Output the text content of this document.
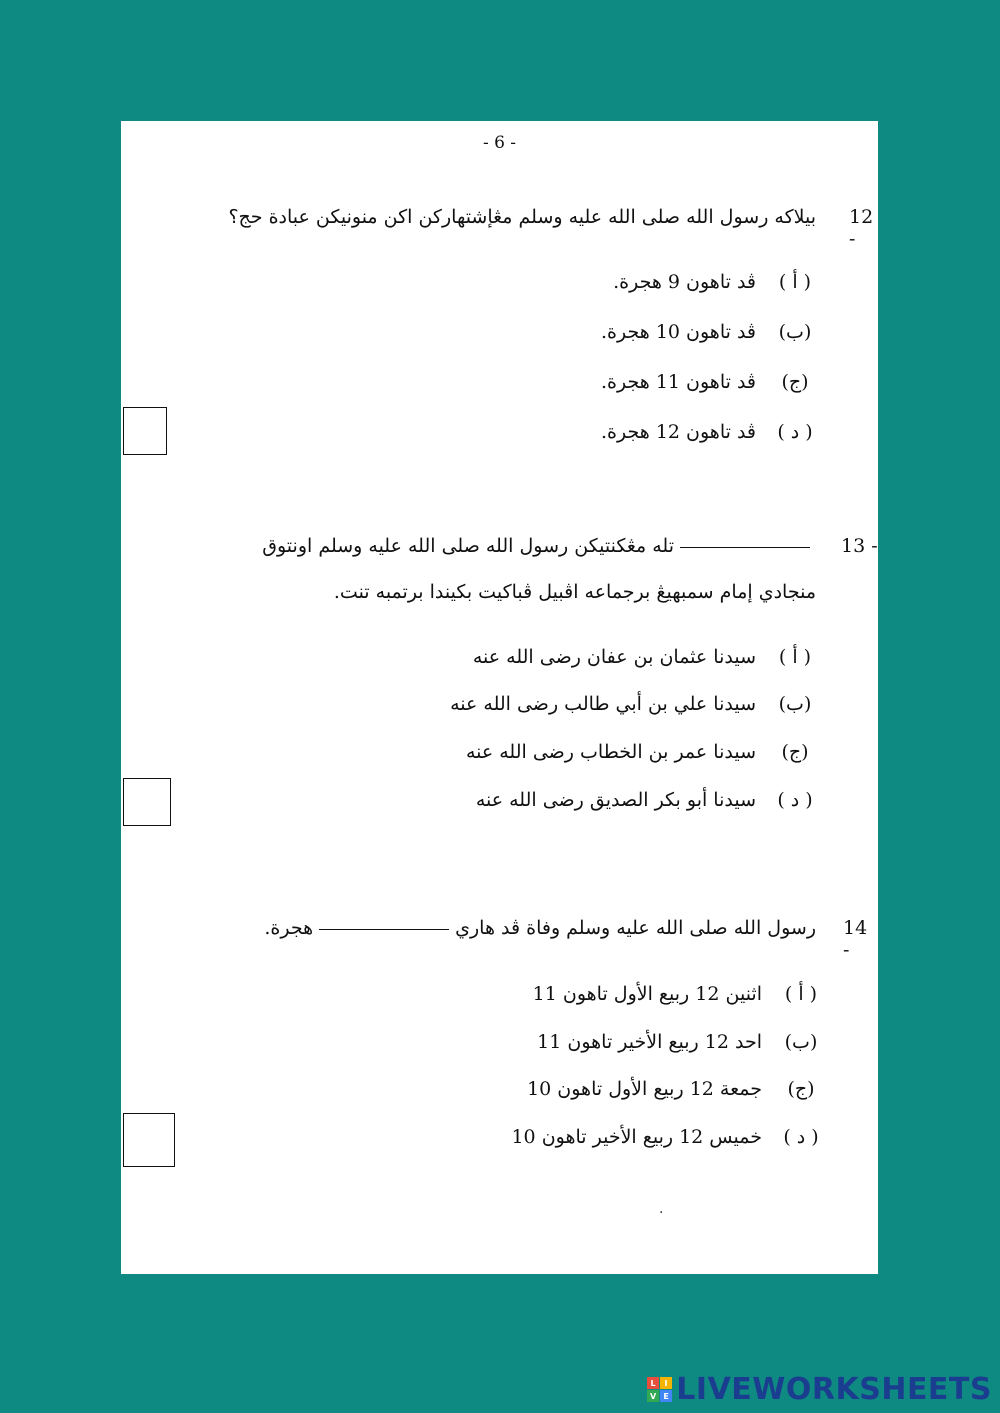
- 6 -
12 -
بيلاکه رسول الله صلى الله عليه وسلم مڠإشتهارکن اکن منونيکن عبادة حج؟
( أ )ڤد تاهون 9 هجرة.
(ب)ڤد تاهون 10 هجرة.
(ج)ڤد تاهون 11 هجرة.
( د )ڤد تاهون 12 هجرة.
13 -
تله مڠكنتيکن رسول الله صلى الله عليه وسلم اونتوق
منجادي إمام سمبهيڠ برجماعه اڤبيل ڤباکيت بکيندا برتمبه تنت.
( أ )سيدنا عثمان بن عفان رضى الله عنه
(ب)سيدنا علي بن أبي طالب رضى الله عنه
(ج)سيدنا عمر بن الخطاب رضى الله عنه
( د )سيدنا أبو بكر الصديق رضى الله عنه
14 -
رسول الله صلى الله عليه وسلم وفاة ڤد هاريهجرة.
( أ )اثنين 12 ربيع الأول تاهون 11
(ب)احد 12 ربيع الأخير تاهون 11
(ج)جمعة 12 ربيع الأول تاهون 10
( د )خميس 12 ربيع الأخير تاهون 10
·
L	I
V E LIVEWORKSHEETS
